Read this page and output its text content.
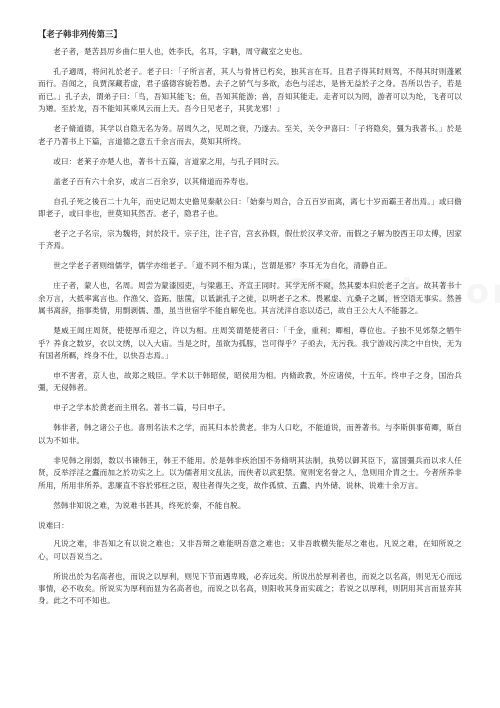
【老子韩非列传第三】

老子者，楚苦县厉乡曲仁里人也，姓李氏，名耳，字聃，周守藏室之史也。

孔子適周，将问礼於老子。老子曰：「子所言者，其人与骨皆已朽矣，独其言在耳。且君子得其时则驾，不得其时则蓬累而行。吾闻之，良贾深藏若虚，君子盛德容貌若愚。去子之骄气与多欲，态色与淫志，是皆无益於子之身。吾所以告子，若是而已。」孔子去，谓弟子曰：「鸟，吾知其能飞；鱼，吾知其能游；兽，吾知其能走。走者可以为罔，游者可以为纶，飞者可以为矰。至於龙，吾不能知其乘风云而上天。吾今日见老子，其犹龙邪！」

老子脩道德，其学以自隐无名为务。居周久之，见周之衰，乃遂去。至关，关令尹喜曰：「子将隐矣，彊为我著书。」於是老子乃著书上下篇，言道德之意五千余言而去，莫知其所终。

或曰：老莱子亦楚人也，著书十五篇，言道家之用，与孔子同时云。

盖老子百有六十余岁，或言二百余岁，以其脩道而养寿也。

自孔子死之後百二十九年，而史记周太史儋见秦献公曰：「始秦与周合，合五百岁而离，离七十岁而霸王者出焉。」或曰儋即老子，或曰非也，世莫知其然否。老子，隐君子也。

老子之子名宗，宗为魏将，封於段干。宗子注，注子宫，宫玄孙假，假仕於汉孝文帝。而假之子解为胶西王卬太傅，因家于齐焉。

世之学老子者则绌儒学，儒学亦绌老子。「道不同不相为谋」，岂谓是邪？李耳无为自化，清静自正。

庄子者，蒙人也，名周。周尝为蒙漆园吏，与梁惠王、齐宣王同时。其学无所不窥，然其要本归於老子之言。故其著书十余万言，大抵率寓言也。作渔父、盗跖、胠箧，以诋訿孔子之徒，以明老子之术。畏累虚、亢桑子之属，皆空语无事实。然善属书离辞，指事类情，用剽剥儒、墨，虽当世宿学不能自解免也。其言洸洋自恣以适己，故自王公大人不能器之。

楚威王闻庄周贤，使使厚币迎之，许以为相。庄周笑谓楚使者曰：「千金，重利；卿相，尊位也。子独不见郊祭之牺牛乎？养食之数岁，衣以文绣，以入大庙。当是之时，虽欲为孤豚，岂可得乎？子亟去，无污我。我宁游戏污渎之中自快，无为有国者所羁，终身不仕，以快吾志焉。」

申不害者，京人也，故郑之贱臣。学术以干韩昭侯，昭侯用为相。内脩政教，外应诸侯，十五年。终申子之身，国治兵彊，无侵韩者。

申子之学本於黄老而主刑名。著书二篇，号曰申子。

韩非者，韩之诸公子也。喜刑名法术之学，而其归本於黄老。非为人口吃，不能道说，而善著书。与李斯俱事荀卿，斯自以为不如非。

非见韩之削弱，数以书谏韩王，韩王不能用。於是韩非疾治国不务脩明其法制，执势以御其臣下，富国彊兵而以求人任贤，反举浮淫之蠹而加之於功实之上。以为儒者用文乱法，而侠者以武犯禁。宽则宠名誉之人，急则用介胄之士。今者所养非所用，所用非所养。悲廉直不容於邪枉之臣，观往者得失之变，故作孤愤、五蠹、内外储、说林、说难十余万言。

然韩非知说之难，为说难书甚具，终死於秦，不能自脱。

说难曰：

凡说之难，非吾知之有以说之难也；又非吾辩之难能明吾意之难也；又非吾敢横失能尽之难也。凡说之难，在知所说之心，可以吾说当之。

所说出於为名高者也，而说之以厚利，则见下节而遇卑贱，必弃远矣。所说出於厚利者也，而说之以名高，则见无心而远事情，必不收矣。所说实为厚利而显为名高者也，而说之以名高，则阳收其身而实疏之；若说之以厚利，则阴用其言而显弃其身。此之不可不知也。
